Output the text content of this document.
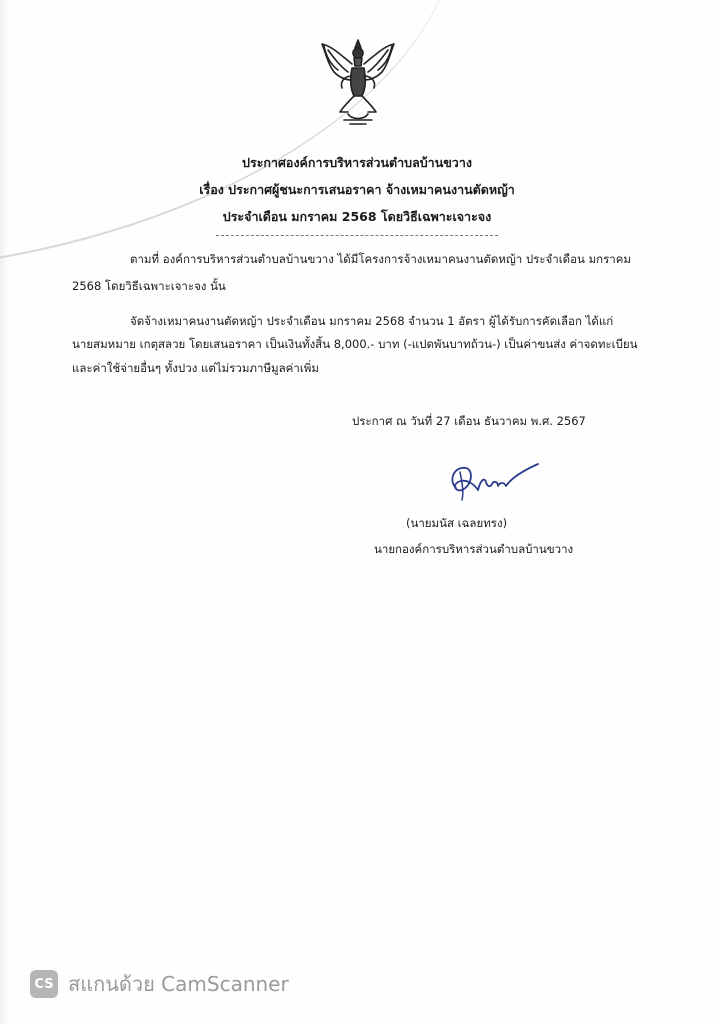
ประกาศองค์การบริหารส่วนตำบลบ้านขวาง
เรื่อง ประกาศผู้ชนะการเสนอราคา จ้างเหมาคนงานตัดหญ้า
ประจำเดือน มกราคม 2568 โดยวิธีเฉพาะเจาะจง
ตามที่ องค์การบริหารส่วนตำบลบ้านขวาง ได้มีโครงการจ้างเหมาคนงานตัดหญ้า ประจำเดือน มกราคม
2568 โดยวิธีเฉพาะเจาะจง นั้น
จัดจ้างเหมาคนงานตัดหญ้า ประจำเดือน มกราคม 2568 จำนวน 1 อัตรา ผู้ได้รับการคัดเลือก ได้แก่
นายสมหมาย เกตุสลวย โดยเสนอราคา เป็นเงินทั้งสิ้น 8,000.- บาท (-แปดพันบาทถ้วน-) เป็นค่าขนส่ง ค่าจดทะเบียน
และค่าใช้จ่ายอื่นๆ ทั้งปวง แต่ไม่รวมภาษีมูลค่าเพิ่ม
ประกาศ ณ วันที่ 27 เดือน ธันวาคม พ.ศ. 2567
(นายมนัส เฉลยทรง)
นายกองค์การบริหารส่วนตำบลบ้านขวาง
CS สแกนด้วย CamScanner
